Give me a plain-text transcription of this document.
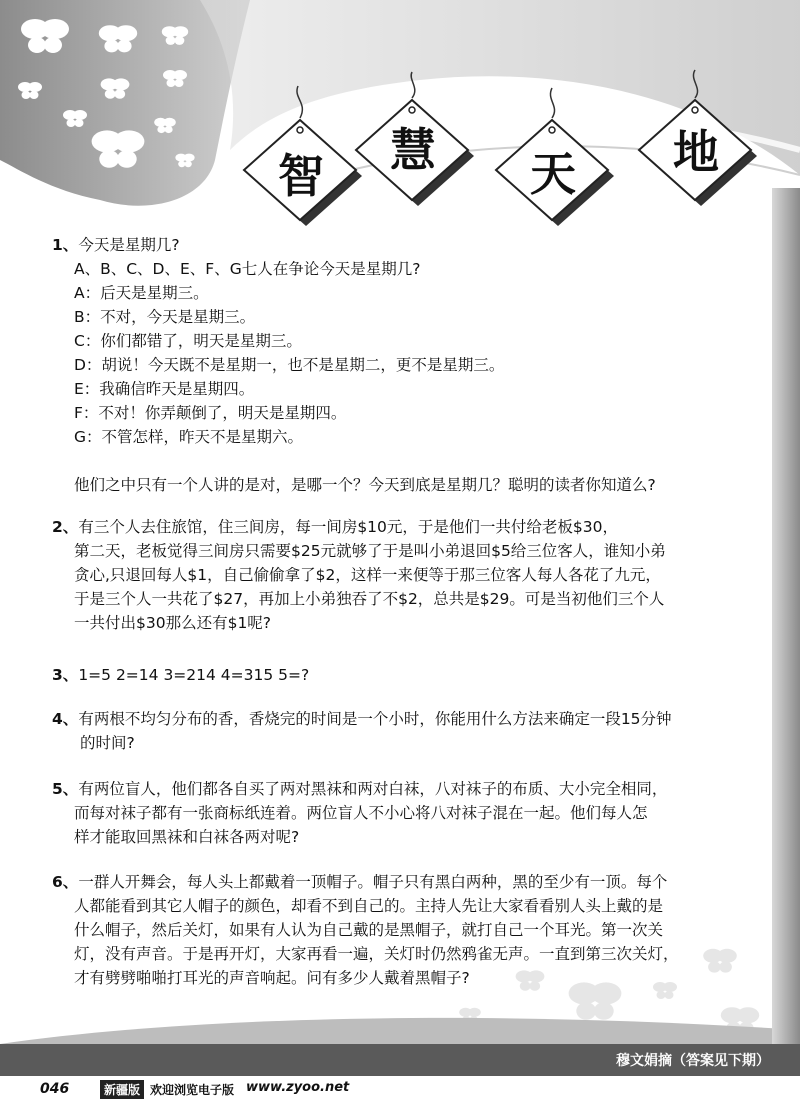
智	慧	天	地
1、今天是星期几?
A、B、C、D、E、F、G七人在争论今天是星期几?
A：后天是星期三。
B：不对，今天是星期三。
C：你们都错了，明天是星期三。
D：胡说！今天既不是星期一，也不是星期二，更不是星期三。
E：我确信昨天是星期四。
F：不对！你弄颠倒了，明天是星期四。
G：不管怎样，昨天不是星期六。
他们之中只有一个人讲的是对，是哪一个？今天到底是星期几？聪明的读者你知道么?
2、有三个人去住旅馆，住三间房，每一间房$10元，于是他们一共付给老板$30，
第二天，老板觉得三间房只需要$25元就够了于是叫小弟退回$5给三位客人，谁知小弟
贪心,只退回每人$1，自己偷偷拿了$2，这样一来便等于那三位客人每人各花了九元，
于是三个人一共花了$27，再加上小弟独吞了不$2，总共是$29。可是当初他们三个人
一共付出$30那么还有$1呢?
3、1=5 2=14 3=214 4=315 5=?
4、有两根不均匀分布的香，香烧完的时间是一个小时，你能用什么方法来确定一段15分钟
的时间?
5、有两位盲人，他们都各自买了两对黑袜和两对白袜，八对袜子的布质、大小完全相同，
而每对袜子都有一张商标纸连着。两位盲人不小心将八对袜子混在一起。他们每人怎
样才能取回黑袜和白袜各两对呢?
6、一群人开舞会，每人头上都戴着一顶帽子。帽子只有黑白两种，黑的至少有一顶。每个
人都能看到其它人帽子的颜色，却看不到自己的。主持人先让大家看看别人头上戴的是
什么帽子，然后关灯，如果有人认为自己戴的是黑帽子，就打自己一个耳光。第一次关
灯，没有声音。于是再开灯，大家再看一遍，关灯时仍然鸦雀无声。一直到第三次关灯，
才有劈劈啪啪打耳光的声音响起。问有多少人戴着黑帽子?
穆文娟摘（答案见下期）
046	新疆版 欢迎浏览电子版 www.zyoo.net
